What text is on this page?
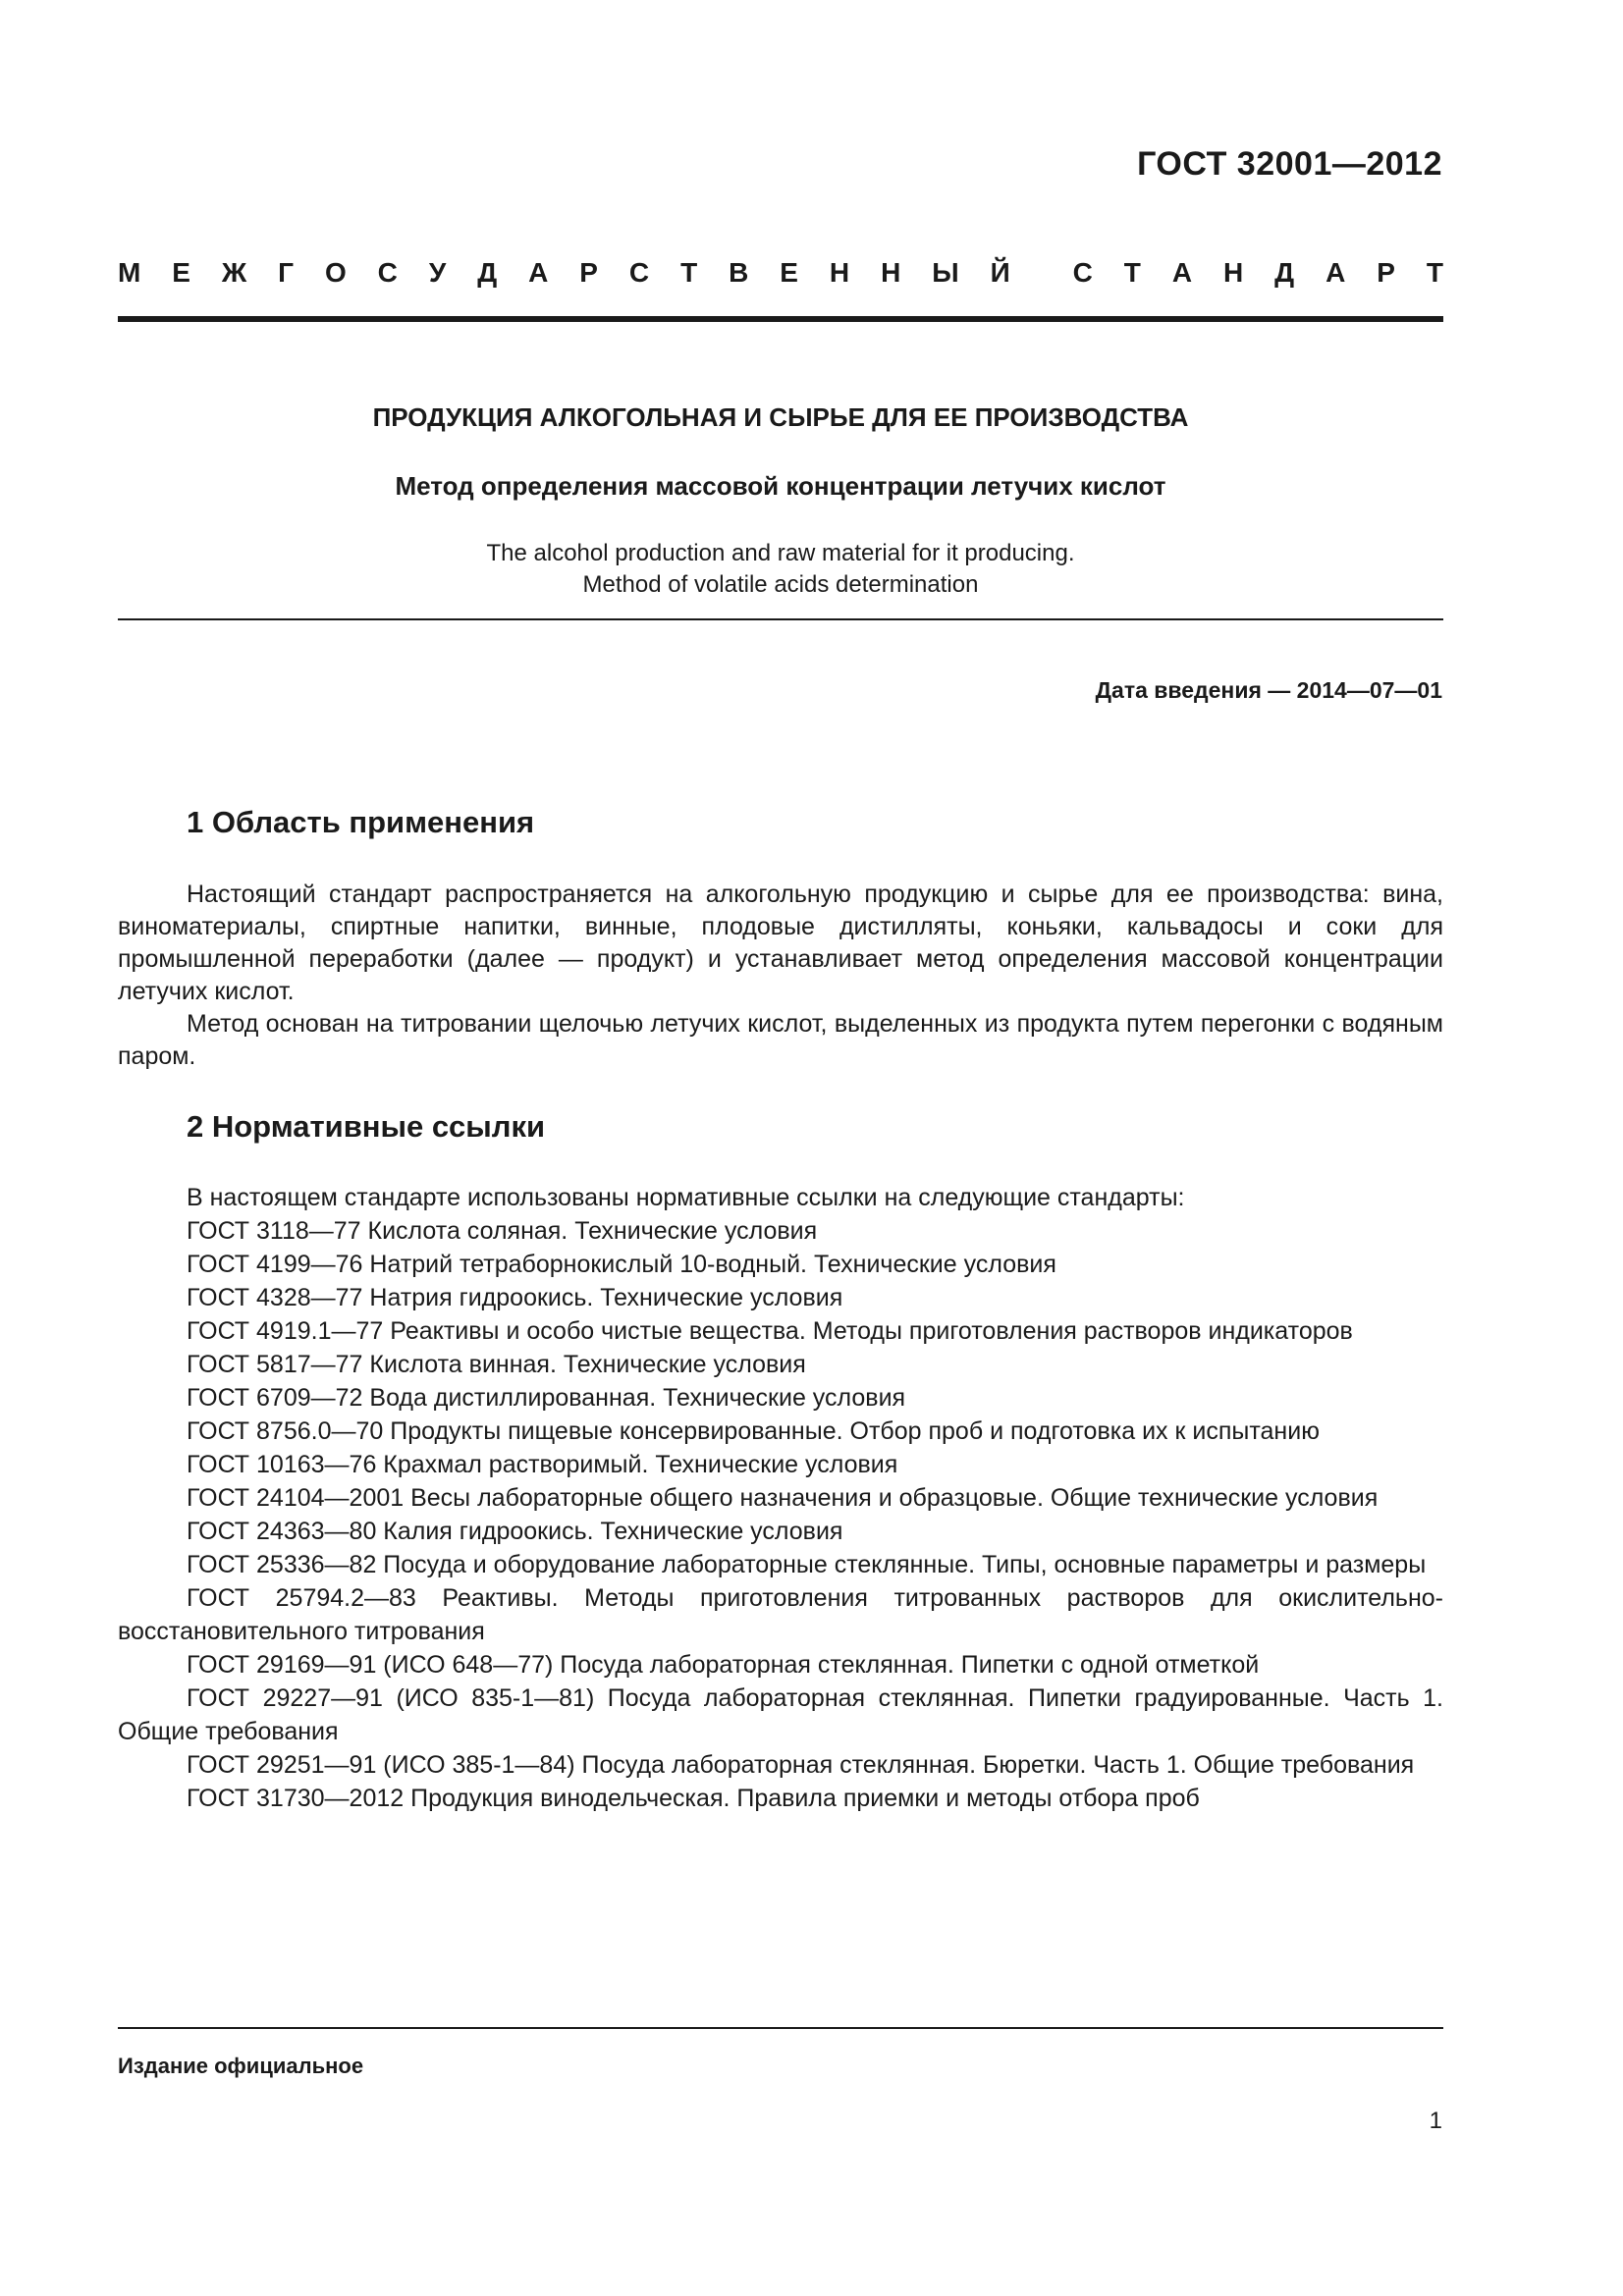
ГОСТ 32001—2012
М Е Ж Г О С У Д А Р С Т В Е Н Н Ы Й С Т А Н Д А Р Т
ПРОДУКЦИЯ АЛКОГОЛЬНАЯ И СЫРЬЕ ДЛЯ ЕЕ ПРОИЗВОДСТВА
Метод определения массовой концентрации летучих кислот
The alcohol production and raw material for it producing.
Method of volatile acids determination
Дата введения — 2014—07—01
1 Область применения

Настоящий стандарт распространяется на алкогольную продукцию и сырье для ее производства: вина, виноматериалы, спиртные напитки, винные, плодовые дистилляты, коньяки, кальвадосы и соки для промышленной переработки (далее — продукт) и устанавливает метод определения массовой концентрации летучих кислот.

Метод основан на титровании щелочью летучих кислот, выделенных из продукта путем перегонки с водяным паром.

2 Нормативные ссылки

В настоящем стандарте использованы нормативные ссылки на следующие стандарты:

ГОСТ 3118—77 Кислота соляная. Технические условия

ГОСТ 4199—76 Натрий тетраборнокислый 10-водный. Технические условия

ГОСТ 4328—77 Натрия гидроокись. Технические условия

ГОСТ 4919.1—77 Реактивы и особо чистые вещества. Методы приготовления растворов индикаторов

ГОСТ 5817—77 Кислота винная. Технические условия

ГОСТ 6709—72 Вода дистиллированная. Технические условия

ГОСТ 8756.0—70 Продукты пищевые консервированные. Отбор проб и подготовка их к испытанию

ГОСТ 10163—76 Крахмал растворимый. Технические условия

ГОСТ 24104—2001 Весы лабораторные общего назначения и образцовые. Общие технические условия

ГОСТ 24363—80 Калия гидроокись. Технические условия

ГОСТ 25336—82 Посуда и оборудование лабораторные стеклянные. Типы, основные параметры и размеры

ГОСТ 25794.2—83 Реактивы. Методы приготовления титрованных растворов для окислительно-восстановительного титрования

ГОСТ 29169—91 (ИСО 648—77) Посуда лабораторная стеклянная. Пипетки с одной отметкой

ГОСТ 29227—91 (ИСО 835-1—81) Посуда лабораторная стеклянная. Пипетки градуированные. Часть 1. Общие требования

ГОСТ 29251—91 (ИСО 385-1—84) Посуда лабораторная стеклянная. Бюретки. Часть 1. Общие требования

ГОСТ 31730—2012 Продукция винодельческая. Правила приемки и методы отбора проб

Издание официальное
1
